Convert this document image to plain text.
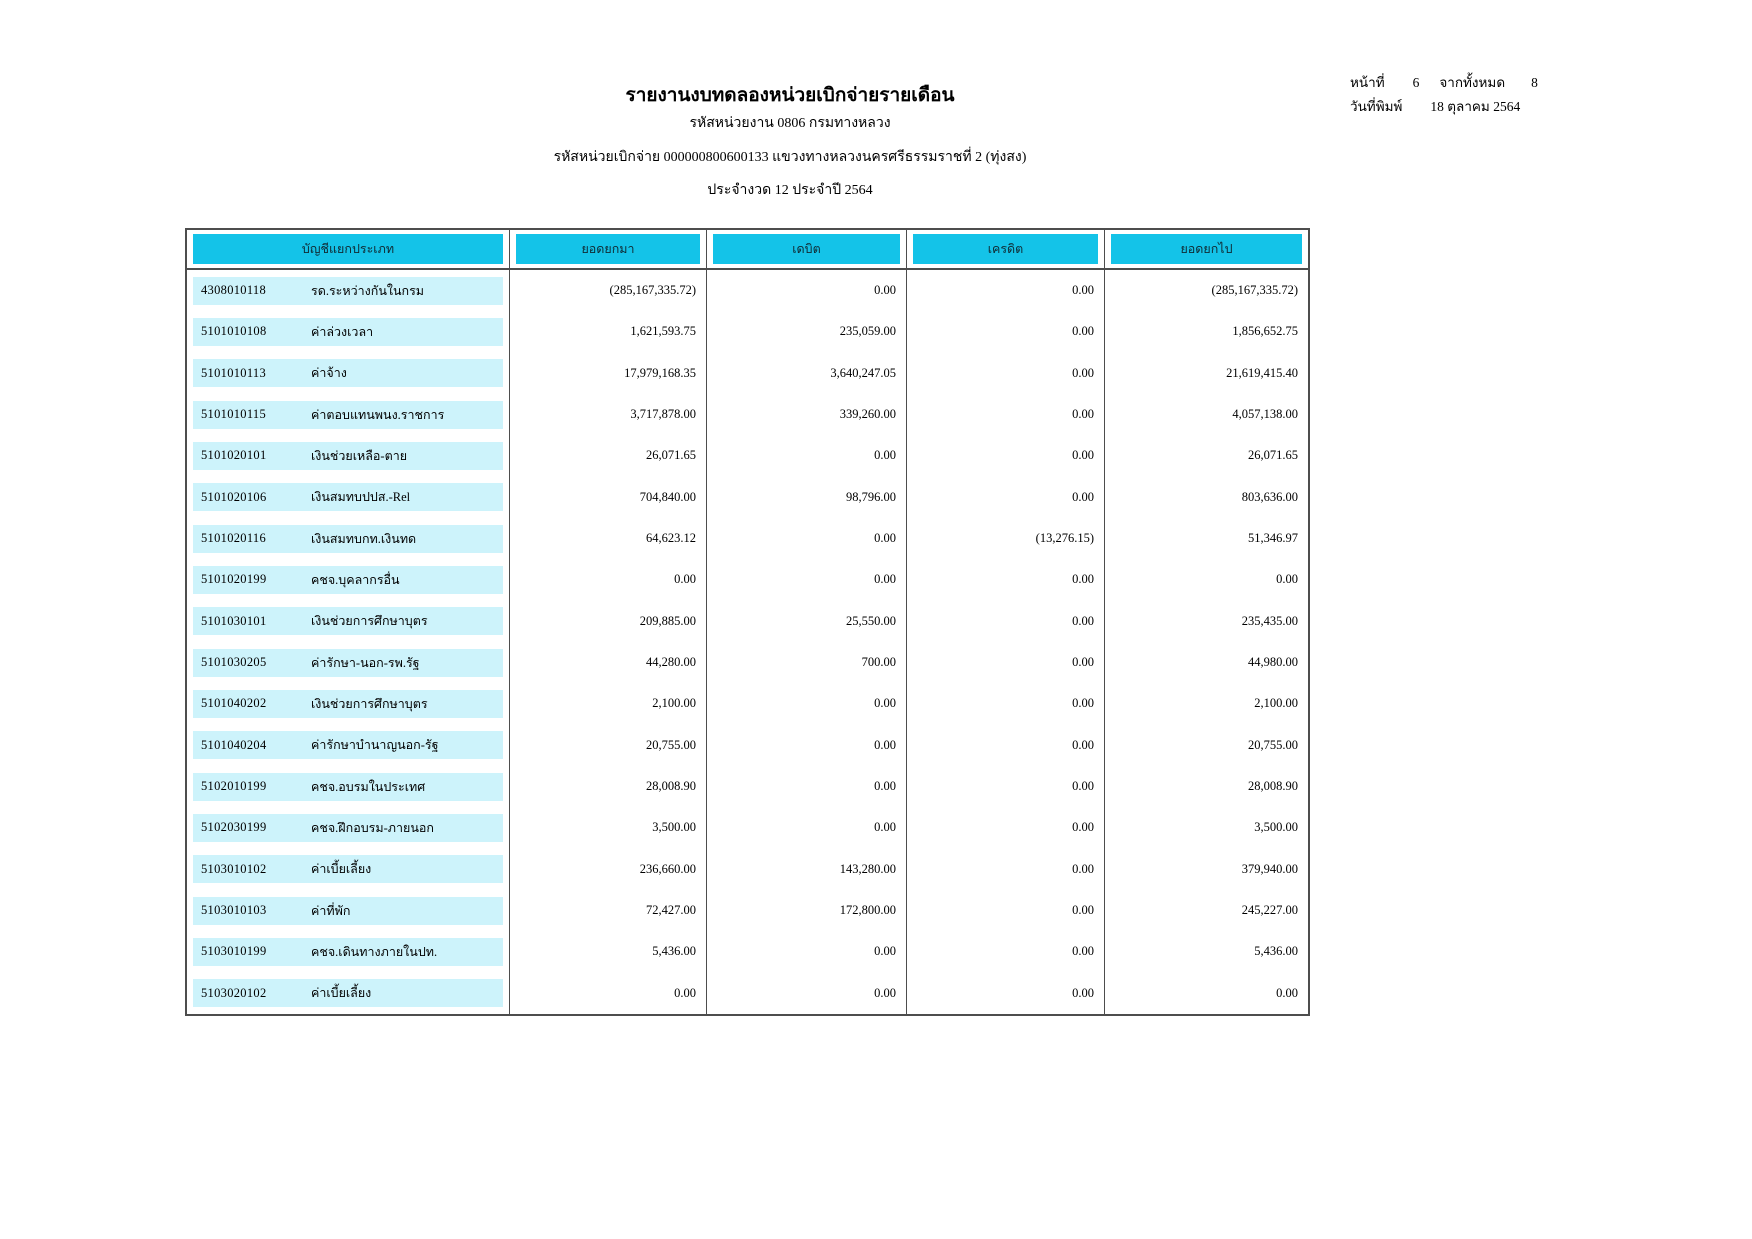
รายงานงบทดลองหน่วยเบิกจ่ายรายเดือน
รหัสหน่วยงาน 0806 กรมทางหลวง
รหัสหน่วยเบิกจ่าย 000000800600133 แขวงทางหลวงนครศรีธรรมราชที่ 2 (ทุ่งสง)
ประจำงวด 12 ประจำปี 2564
หน้าที่ 6 จากทั้งหมด 8
วันที่พิมพ์ 18 ตุลาคม 2564
บัญชีแยกประเภท	ยอดยกมา	เดบิต	เครดิต	ยอดยกไป
4308010118	รด.ระหว่างกันในกรม	(285,167,335.72)	0.00	0.00	(285,167,335.72)
5101010108	ค่าล่วงเวลา	1,621,593.75	235,059.00	0.00	1,856,652.75
5101010113	ค่าจ้าง	17,979,168.35	3,640,247.05	0.00	21,619,415.40
5101010115	ค่าตอบแทนพนง.ราชการ	3,717,878.00	339,260.00	0.00	4,057,138.00
5101020101	เงินช่วยเหลือ-ตาย	26,071.65	0.00	0.00	26,071.65
5101020106	เงินสมทบปปส.-Rel	704,840.00	98,796.00	0.00	803,636.00
5101020116	เงินสมทบกท.เงินทด	64,623.12	0.00	(13,276.15)	51,346.97
5101020199	คชจ.บุคลากรอื่น	0.00	0.00	0.00	0.00
5101030101	เงินช่วยการศึกษาบุตร	209,885.00	25,550.00	0.00	235,435.00
5101030205	ค่ารักษา-นอก-รพ.รัฐ	44,280.00	700.00	0.00	44,980.00
5101040202	เงินช่วยการศึกษาบุตร	2,100.00	0.00	0.00	2,100.00
5101040204	ค่ารักษาบำนาญนอก-รัฐ	20,755.00	0.00	0.00	20,755.00
5102010199	คชจ.อบรมในประเทศ	28,008.90	0.00	0.00	28,008.90
5102030199	คชจ.ฝึกอบรม-ภายนอก	3,500.00	0.00	0.00	3,500.00
5103010102	ค่าเบี้ยเลี้ยง	236,660.00	143,280.00	0.00	379,940.00
5103010103	ค่าที่พัก	72,427.00	172,800.00	0.00	245,227.00
5103010199	คชจ.เดินทางภายในปท.	5,436.00	0.00	0.00	5,436.00
5103020102	ค่าเบี้ยเลี้ยง	0.00	0.00	0.00	0.00
